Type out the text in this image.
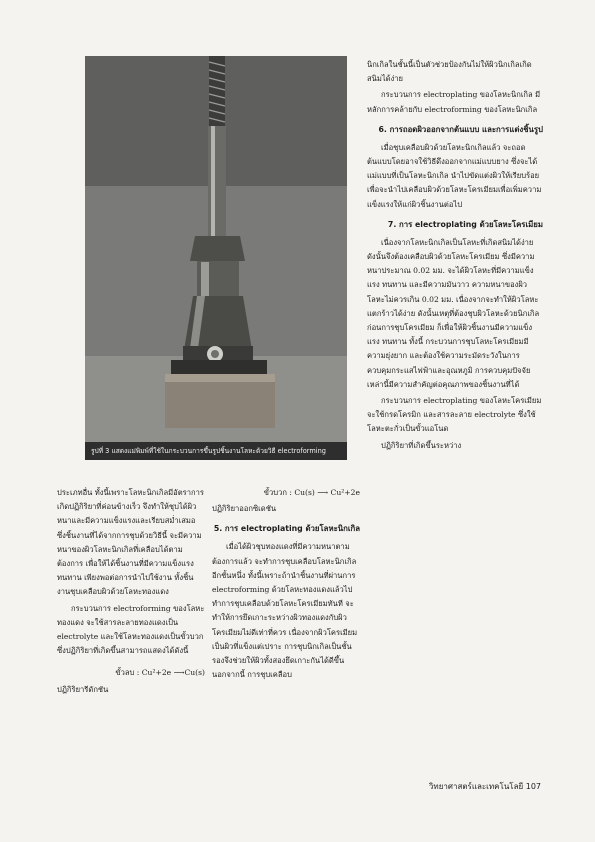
รูปที่ 3 แสดงแม่พิมพ์ที่ใช้ในกระบวนการขึ้นรูปชิ้นงานโลหะด้วยวิธี electroforming

นิกเกิลในชั้นนี้เป็นตัวช่วยป้องกันไม่ให้ผิวนิกเกิลเกิดสนิมได้ง่าย

กระบวนการ electroplating ของโลหะนิกเกิล มีหลักการคล้ายกับ electroforming ของโลหะนิกเกิล

6. การถอดผิวออกจากต้นแบบ และการแต่งชิ้นรูป

เมื่อชุบเคลือบผิวด้วยโลหะนิกเกิลแล้ว จะถอดต้นแบบโดยอาจใช้วิธีดึงออกจากแม่แบบยาง ซึ่งจะได้แม่แบบที่เป็นโลหะนิกเกิล นำไปขัดแต่งผิวให้เรียบร้อย เพื่อจะนำไปเคลือบผิวด้วยโลหะโครเมียมเพื่อเพิ่มความแข็งแรงให้แก่ผิวชิ้นงานต่อไป

7. การ electroplating ด้วยโลหะโครเมียม

เนื่องจากโลหะนิกเกิลเป็นโลหะที่เกิดสนิมได้ง่าย ดังนั้นจึงต้องเคลือบผิวด้วยโลหะโครเมียม ซึ่งมีความหนาประมาณ 0.02 มม. จะได้ผิวโลหะที่มีความแข็งแรง ทนทาน และมีความมันวาว ความหนาของผิวโลหะไม่ควรเกิน 0.02 มม. เนื่องจากจะทำให้ผิวโลหะแตกร้าวได้ง่าย ดังนั้นเหตุที่ต้องชุบผิวโลหะด้วยนิกเกิลก่อนการชุบโครเมียม ก็เพื่อให้ผิวชิ้นงานมีความแข็งแรง ทนทาน ทั้งนี้ กระบวนการชุบโลหะโครเมียมมีความยุ่งยาก และต้องใช้ความระมัดระวังในการควบคุมกระแสไฟฟ้าและอุณหภูมิ การควบคุมปัจจัยเหล่านี้มีความสำคัญต่อคุณภาพของชิ้นงานที่ได้

กระบวนการ electroplating ของโลหะโครเมียม จะใช้กรดโครมิก และสารละลาย electrolyte ซึ่งใช้โลหะตะกั่วเป็นขั้วแอโนด

ปฏิกิริยาที่เกิดขึ้นระหว่าง

ประเภทอื่น ทั้งนี้เพราะโลหะนิกเกิลมีอัตราการเกิดปฏิกิริยาที่ค่อนข้างเร็ว จึงทำให้ชุบได้ผิวหนาและมีความแข็งแรงและเรียบสม่ำเสมอ ซึ่งชิ้นงานที่ได้จากการชุบด้วยวิธีนี้ จะมีความหนาของผิวโลหะนิกเกิลที่เคลือบได้ตามต้องการ เพื่อให้ได้ชิ้นงานที่มีความแข็งแรงทนทาน เพียงพอต่อการนำไปใช้งาน ทั้งชิ้นงานชุบเคลือบผิวด้วยโลหะทองแดง

กระบวนการ electroforming ของโลหะทองแดง จะใช้สารละลายทองแดงเป็น electrolyte และใช้โลหะทองแดงเป็นขั้วบวก ซึ่งปฏิกิริยาที่เกิดขึ้นสามารถแสดงได้ดังนี้

ขั้วลบ : Cu²+2e ⟶Cu(s)

ปฏิกิริยารีดักชัน

ขั้วบวก : Cu(s) ⟶ Cu²+2e

ปฏิกิริยาออกซิเดชัน

5. การ electroplating ด้วยโลหะนิกเกิล

เมื่อได้ผิวชุบทองแดงที่มีความหนาตามต้องการแล้ว จะทำการชุบเคลือบโลหะนิกเกิลอีกชั้นหนึ่ง ทั้งนี้เพราะถ้านำชิ้นงานที่ผ่านการ electroforming ด้วยโลหะทองแดงแล้วไปทำการชุบเคลือบด้วยโลหะโครเมียมทันที จะทำให้การยึดเกาะระหว่างผิวทองแดงกับผิวโครเมียมไม่ดีเท่าที่ควร เนื่องจากผิวโครเมียมเป็นผิวที่แข็งแต่เปราะ การชุบนิกเกิลเป็นชั้นรองจึงช่วยให้ผิวทั้งสองยึดเกาะกันได้ดีขึ้น นอกจากนี้ การชุบเคลือบ

วิทยาศาสตร์และเทคโนโลยี 107
